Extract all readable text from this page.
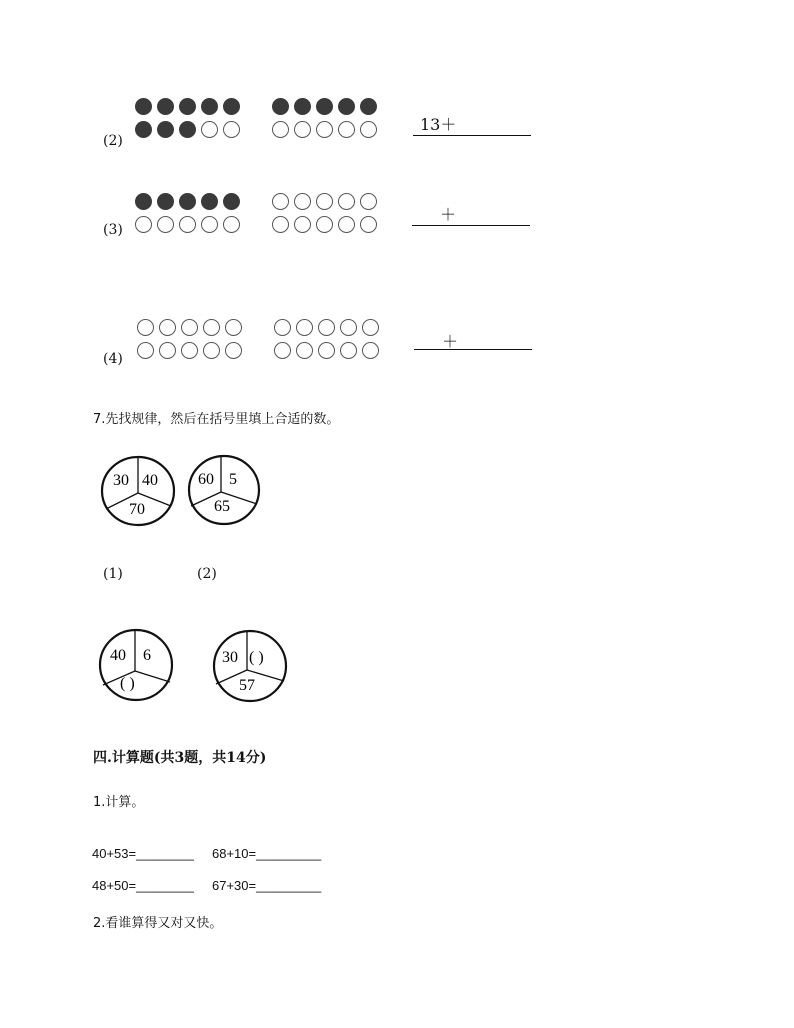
(2)
13＋
(3)
＋
(4)
＋
7.先找规律，然后在括号里填上合适的数。
30 40
70
60 5
65
(1)	(2)
40 6
( )
30 ( )
57
四.计算题(共3题，共14分)
1.计算。
40+53=________ 68+10=_________
48+50=________ 67+30=_________
2.看谁算得又对又快。
